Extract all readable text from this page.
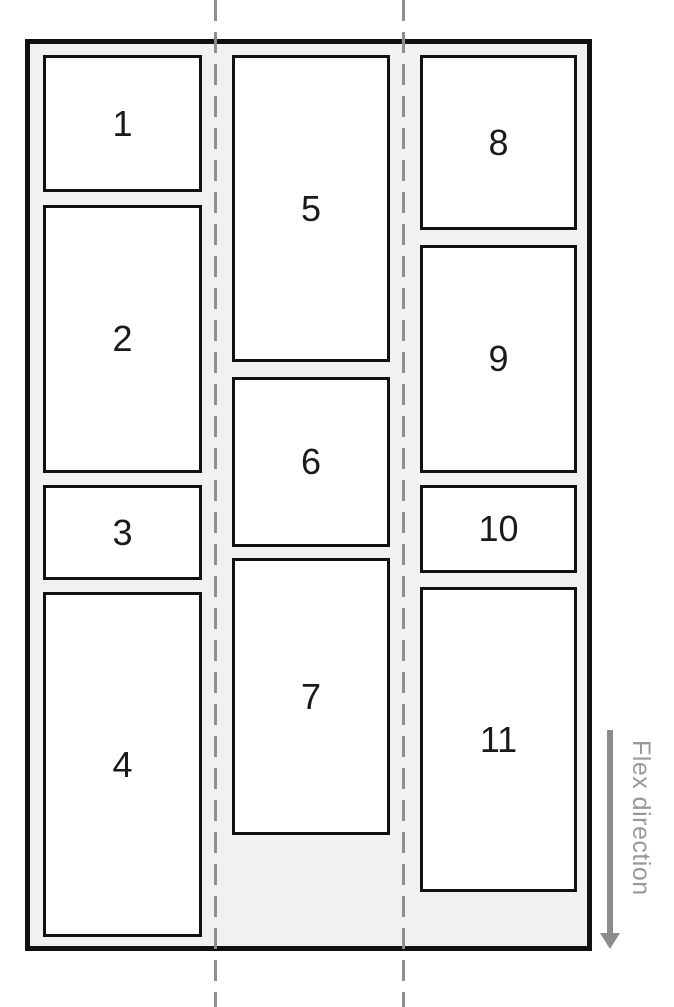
1
2
3
4
5
6
7
8
9
10
11
Flex direction
